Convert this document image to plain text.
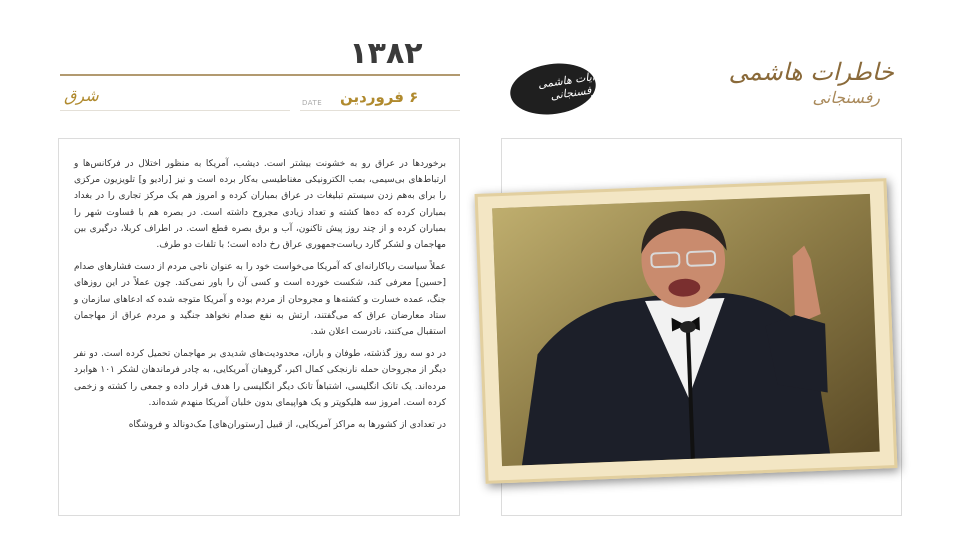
خاطرات هاشمی
رفسنجانی
۱۳۸۲
آیات هاشمی رفسنجانی
۶ فروردین
DATE
شرق

برخوردها در عراق رو به خشونت بیشتر است. دیشب، آمریکا به منظور اختلال در فرکانس‌ها و ارتباط‌های بی‌سیمی، بمب الکترونیکی مغناطیسی به‌کار برده است و نیز [رادیو و] تلویزیون مرکزی را برای به‌هم زدن سیستم تبلیغات در عراق بمباران کرده و امروز هم یک مرکز تجاری را در بغداد بمباران کرده که ده‌ها کشته و تعداد زیادی مجروح داشته است. در بصره هم با قساوت شهر را بمباران کرده و از چند روز پیش تاکنون، آب و برق بصره قطع است. در اطراف کربلا، درگیری بین مهاجمان و لشکر گارد ریاست‌جمهوری عراق رخ داده است؛ با تلفات دو طرف.

عملاً سیاست ریاکارانه‌ای که آمریکا می‌خواست خود را به عنوان ناجی مردم از دست فشارهای صدام [حسین] معرفی کند، شکست خورده است و کسی آن را باور نمی‌کند. چون عملاً در این روزهای جنگ، عمده خسارت و کشته‌ها و مجروحان از مردم بوده و آمریکا متوجه شده که ادعاهای سازمان و ستاد معارضان عراق که می‌گفتند، ارتش به نفع صدام نخواهد جنگید و مردم عراق از مهاجمان استقبال می‌کنند، نادرست اعلان شد.

در دو سه روز گذشته، طوفان و باران، محدودیت‌های شدیدی بر مهاجمان تحمیل کرده است. دو نفر دیگر از مجروحان حمله نارنجکی کمال اکبر، گروهبان آمریکایی، به چادر فرماندهان لشکر ۱۰۱ هوابرد مرده‌اند. یک تانک انگلیسی، اشتباهاً تانک دیگر انگلیسی را هدف قرار داده و جمعی را کشته و زخمی کرده است. امروز سه هلیکوپتر و یک هواپیمای بدون خلبان آمریکا منهدم شده‌اند.

در تعدادی از کشورها به مراکز آمریکایی، از قبیل [رستوران‌های] مک‌دونالد و فروشگاه
